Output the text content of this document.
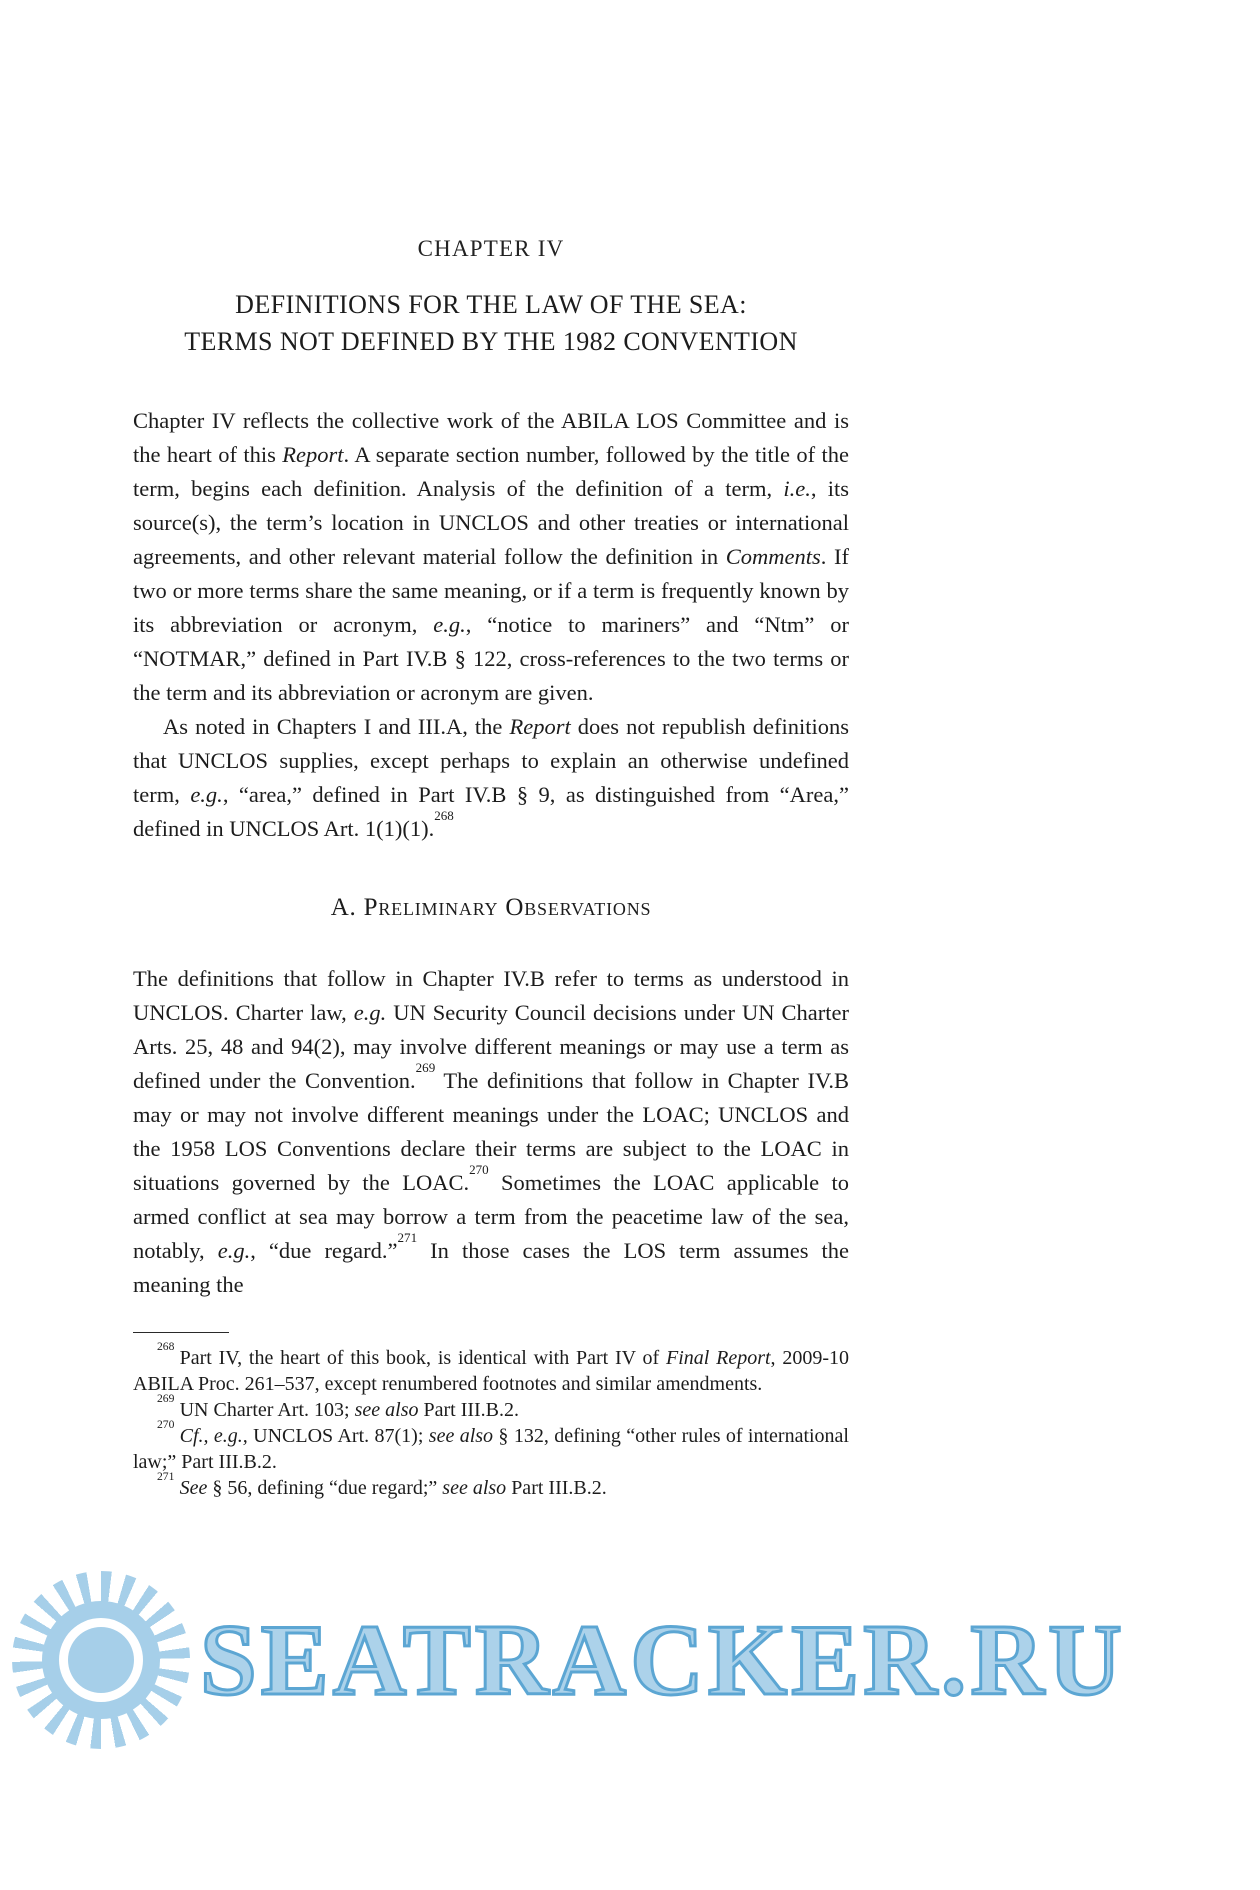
CHAPTER IV
DEFINITIONS FOR THE LAW OF THE SEA:
TERMS NOT DEFINED BY THE 1982 CONVENTION

Chapter IV reflects the collective work of the ABILA LOS Committee and is the heart of this Report. A separate section number, followed by the title of the term, begins each definition. Analysis of the definition of a term, i.e., its source(s), the term’s location in UNCLOS and other treaties or international agreements, and other relevant material follow the definition in Comments. If two or more terms share the same meaning, or if a term is frequently known by its abbreviation or acronym, e.g., “notice to mariners” and “Ntm” or “NOTMAR,” defined in Part IV.B § 122, cross-references to the two terms or the term and its abbreviation or acronym are given.

As noted in Chapters I and III.A, the Report does not republish definitions that UNCLOS supplies, except perhaps to explain an otherwise undefined term, e.g., “area,” defined in Part IV.B § 9, as distinguished from “Area,” defined in UNCLOS Art. 1(1)(1).$^{268}$

A. Preliminary Observations

The definitions that follow in Chapter IV.B refer to terms as understood in UNCLOS. Charter law, e.g. UN Security Council decisions under UN Charter Arts. 25, 48 and 94(2), may involve different meanings or may use a term as defined under the Convention.$^{269}$ The definitions that follow in Chapter IV.B may or may not involve different meanings under the LOAC; UNCLOS and the 1958 LOS Conventions declare their terms are subject to the LOAC in situations governed by the LOAC.$^{270}$ Sometimes the LOAC applicable to armed conflict at sea may borrow a term from the peacetime law of the sea, notably, e.g., “due regard.”$^{271}$ In those cases the LOS term assumes the meaning the

$^{268}$Part IV, the heart of this book, is identical with Part IV of Final Report, 2009-10 ABILA Proc. 261–537, except renumbered footnotes and similar amendments.

$^{269}$UN Charter Art. 103; see also Part III.B.2.

$^{270}$Cf., e.g., UNCLOS Art. 87(1); see also § 132, defining “other rules of international law;” Part III.B.2.

$^{271}$See § 56, defining “due regard;” see also Part III.B.2.

SEATRACKER.RU
